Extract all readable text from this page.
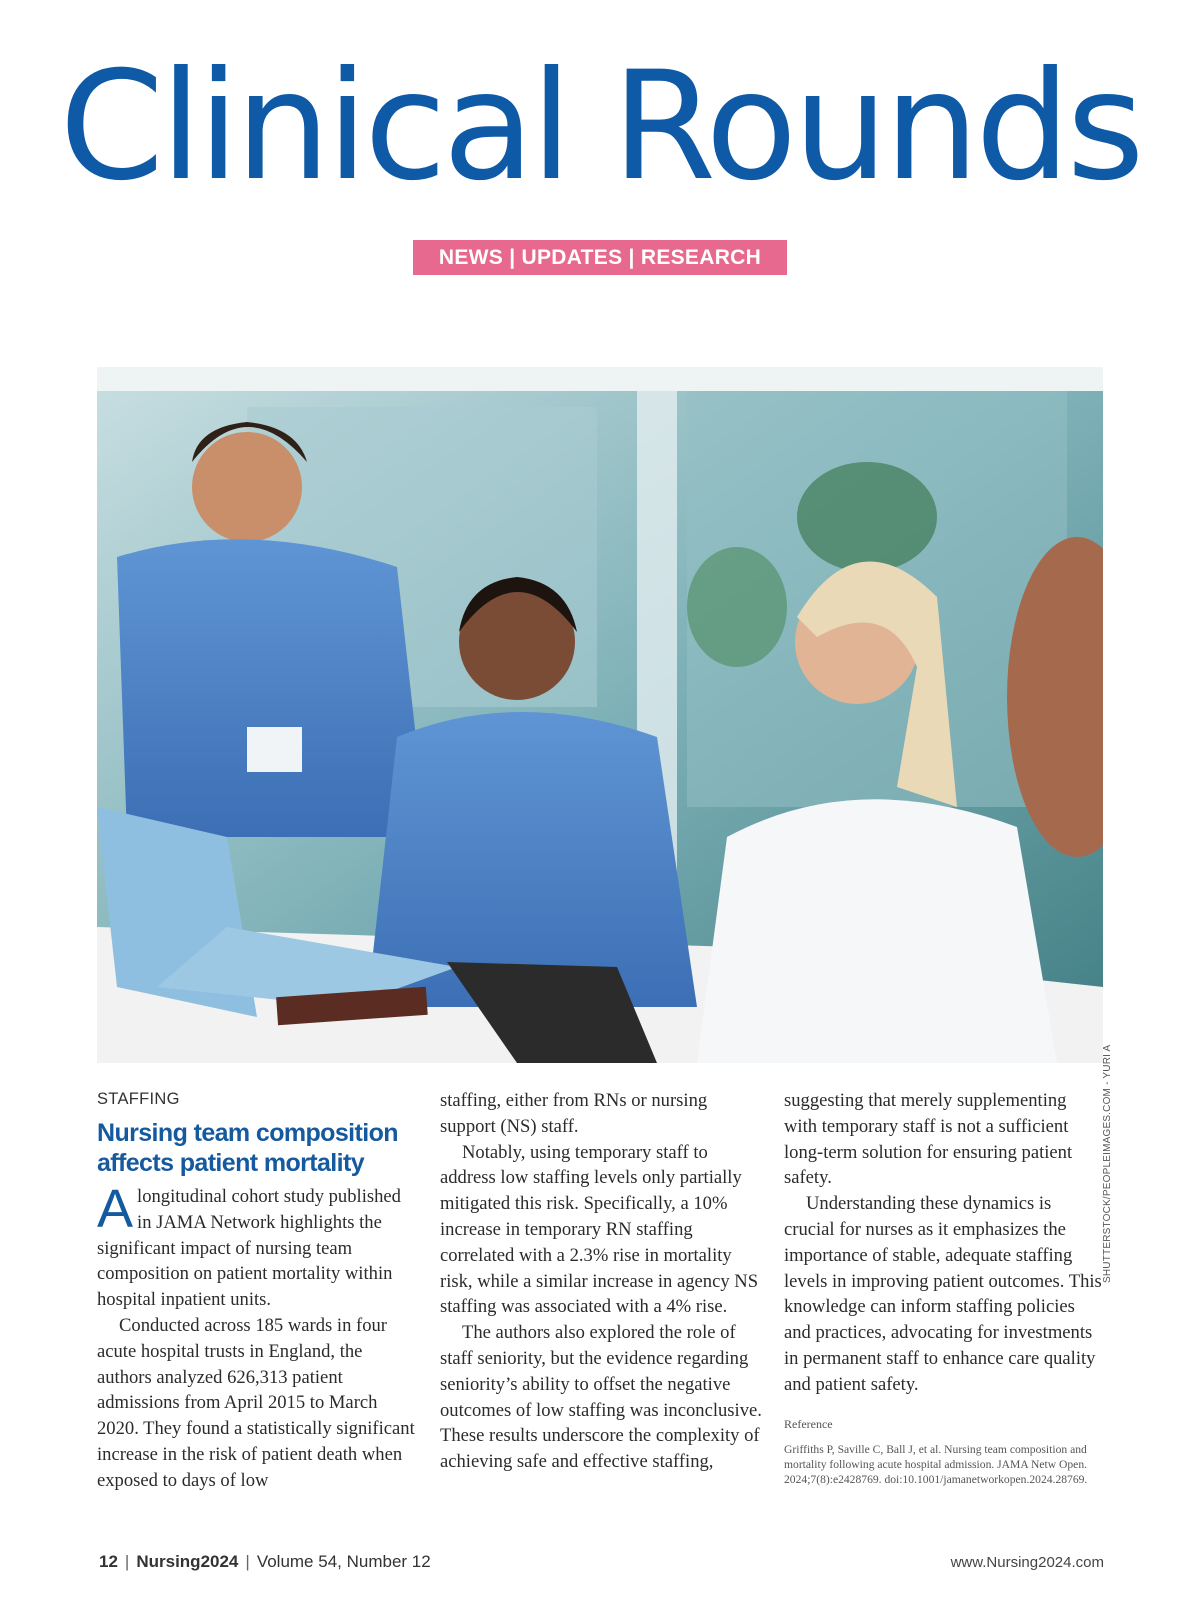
Clinical Rounds
NEWS | UPDATES | RESEARCH
SHUTTERSTOCK/PEOPLEIMAGES.COM - YURI A
STAFFING
Nursing team composition affects patient mortality

Alongitudinal cohort study published in JAMA Network highlights the significant impact of nursing team composition on patient mortality within hospital inpatient units.

Conducted across 185 wards in four acute hospital trusts in England, the authors analyzed 626,313 patient admissions from April 2015 to March 2020. They found a statistically significant increase in the risk of patient death when exposed to days of low

staffing, either from RNs or nursing support (NS) staff.

Notably, using temporary staff to address low staffing levels only partially mitigated this risk. Specifically, a 10% increase in temporary RN staffing correlated with a 2.3% rise in mortality risk, while a similar increase in agency NS staffing was associated with a 4% rise.

The authors also explored the role of staff seniority, but the evidence regarding seniority’s ability to offset the negative outcomes of low staffing was inconclusive. These results underscore the complexity of achieving safe and effective staffing,

suggesting that merely supplementing with temporary staff is not a sufficient long-term solution for ensuring patient safety.

Understanding these dynamics is crucial for nurses as it emphasizes the importance of stable, adequate staffing levels in improving patient outcomes. This knowledge can inform staffing policies and practices, advocating for investments in permanent staff to enhance care quality and patient safety.

Reference
Griffiths P, Saville C, Ball J, et al. Nursing team composition and mortality following acute hospital admission. JAMA Netw Open. 2024;7(8):e2428769. doi:10.1001/jamanetworkopen.2024.28769.
12 | Nursing2024 | Volume 54, Number 12	www.Nursing2024.com
